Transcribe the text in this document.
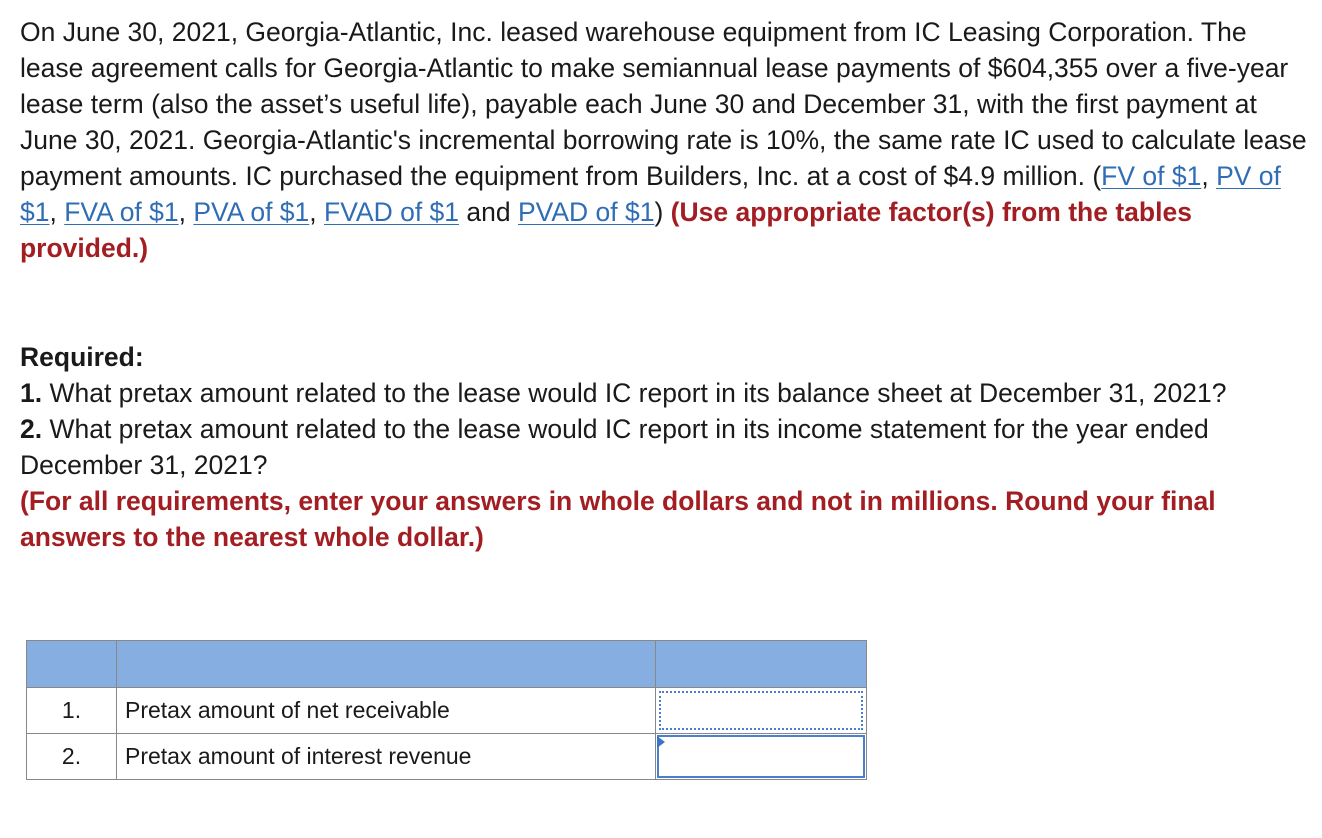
On June 30, 2021, Georgia-Atlantic, Inc. leased warehouse equipment from IC Leasing Corporation. The lease agreement calls for Georgia-Atlantic to make semiannual lease payments of $604,355 over a five-year lease term (also the asset’s useful life), payable each June 30 and December 31, with the first payment at June 30, 2021. Georgia-Atlantic's incremental borrowing rate is 10%, the same rate IC used to calculate lease payment amounts. IC purchased the equipment from Builders, Inc. at a cost of $4.9 million. (FV of $1, PV of $1, FVA of $1, PVA of $1, FVAD of $1 and PVAD of $1) (Use appropriate factor(s) from the tables provided.)
Required:
1. What pretax amount related to the lease would IC report in its balance sheet at December 31, 2021?
2. What pretax amount related to the lease would IC report in its income statement for the year ended December 31, 2021?
(For all requirements, enter your answers in whole dollars and not in millions. Round your final answers to the nearest whole dollar.)

1.	Pretax amount of net receivable	

2.	Pretax amount of interest revenue	
